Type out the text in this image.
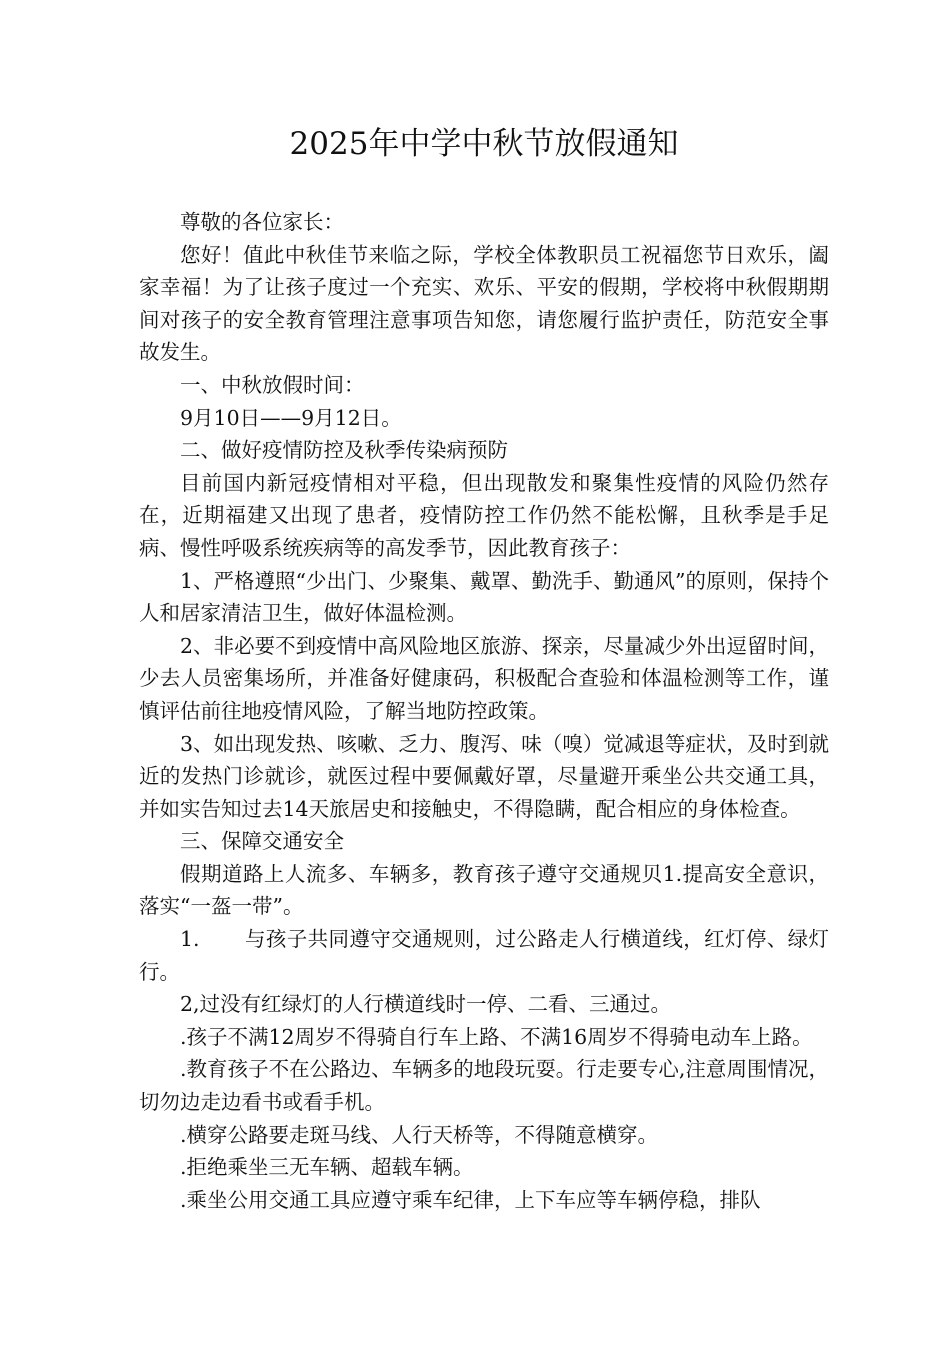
2025年中学中秋节放假通知

尊敬的各位家长：

您好！值此中秋佳节来临之际，学校全体教职员工祝福您节日欢乐，阖家幸福！为了让孩子度过一个充实、欢乐、平安的假期，学校将中秋假期期间对孩子的安全教育管理注意事项告知您，请您履行监护责任，防范安全事故发生。

一、中秋放假时间：

9月10日——9月12日。

二、做好疫情防控及秋季传染病预防

目前国内新冠疫情相对平稳，但出现散发和聚集性疫情的风险仍然存在，近期福建又出现了患者，疫情防控工作仍然不能松懈，且秋季是手足病、慢性呼吸系统疾病等的高发季节，因此教育孩子：

1、严格遵照“少出门、少聚集、戴罩、勤洗手、勤通风”的原则，保持个人和居家清洁卫生，做好体温检测。

2、非必要不到疫情中高风险地区旅游、探亲，尽量减少外出逗留时间，少去人员密集场所，并准备好健康码，积极配合查验和体温检测等工作，谨慎评估前往地疫情风险，了解当地防控政策。

3、如出现发热、咳嗽、乏力、腹泻、味（嗅）觉减退等症状，及时到就近的发热门诊就诊，就医过程中要佩戴好罩，尽量避开乘坐公共交通工具，并如实告知过去14天旅居史和接触史，不得隐瞒，配合相应的身体检查。

三、保障交通安全

假期道路上人流多、车辆多，教育孩子遵守交通规贝1.提高安全意识，落实“一盔一带”。

1. 与孩子共同遵守交通规则，过公路走人行横道线，红灯停、绿灯行。

2,过没有红绿灯的人行横道线时一停、二看、三通过。

.孩子不满12周岁不得骑自行车上路、不满16周岁不得骑电动车上路。

.教育孩子不在公路边、车辆多的地段玩耍。行走要专心,注意周围情况，切勿边走边看书或看手机。

.横穿公路要走斑马线、人行天桥等，不得随意横穿。

.拒绝乘坐三无车辆、超载车辆。

.乘坐公用交通工具应遵守乘车纪律，上下车应等车辆停稳，排队
